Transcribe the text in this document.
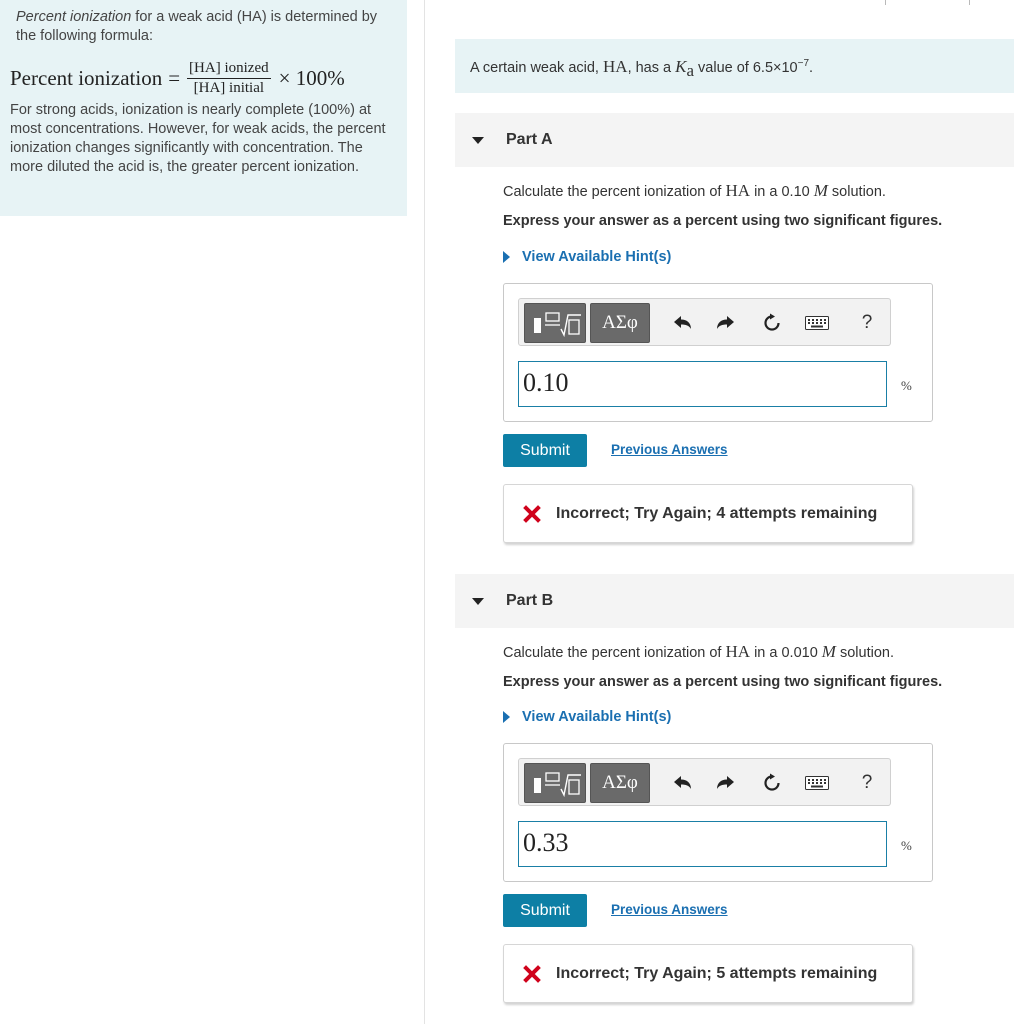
Percent ionization for a weak acid (HA) is determined by the following formula:
Percent ionization = $\frac{\text{[HA] ionized}}{\text{[HA] initial}} \times 100\%$
For strong acids, ionization is nearly complete (100%) at most concentrations. However, for weak acids, the percent ionization changes significantly with concentration. The more diluted the acid is, the greater percent ionization.
A certain weak acid, HA, has a $K_a$ value of $6.5\times 10^{-7}$.
Part A
Calculate the percent ionization of HA in a 0.10 M solution.
Express your answer as a percent using two significant figures.
View Available Hint(s)
ΑΣφ	?
0.10	%
Submit	Previous Answers
Incorrect; Try Again; 4 attempts remaining
Part B
Calculate the percent ionization of HA in a 0.010 M solution.
Express your answer as a percent using two significant figures.
View Available Hint(s)
ΑΣφ	?
0.33	%
Submit	Previous Answers
Incorrect; Try Again; 5 attempts remaining
